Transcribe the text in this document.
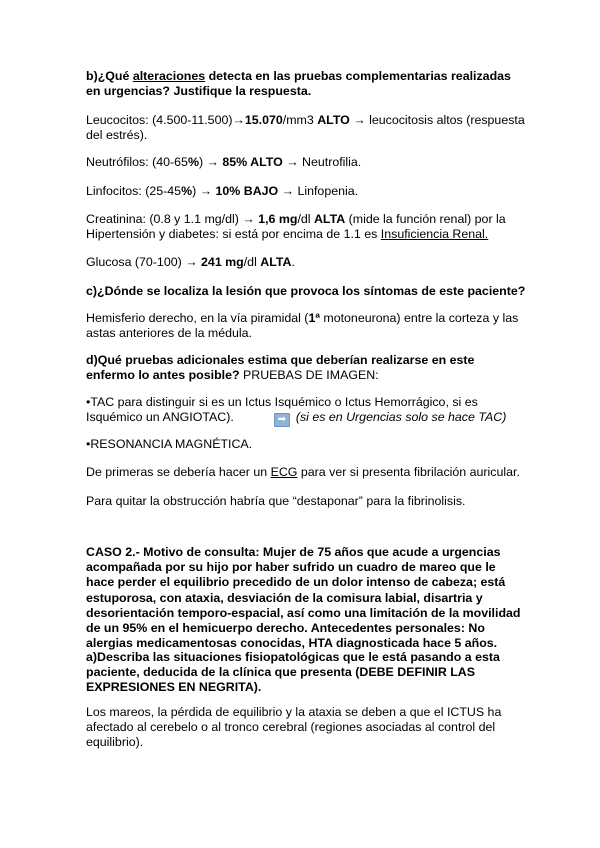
b)¿Qué alteraciones detecta en las pruebas complementarias realizadas en urgencias? Justifique la respuesta.

Leucocitos: (4.500-11.500)→15.070/mm3 ALTO → leucocitosis altos (respuesta del estrés).

Neutrófilos: (40-65%) → 85% ALTO → Neutrofilia.

Linfocitos: (25-45%) → 10% BAJO → Linfopenia.

Creatinina: (0.8 y 1.1 mg/dl) → 1,6 mg/dl ALTA (mide la función renal) por la Hipertensión y diabetes: si está por encima de 1.1 es Insuficiencia Renal.

Glucosa (70-100) → 241 mg/dl ALTA.

c)¿Dónde se localiza la lesión que provoca los síntomas de este paciente?

Hemisferio derecho, en la vía piramidal (1ª motoneurona) entre la corteza y las astas anteriores de la médula.

d)Qué pruebas adicionales estima que deberían realizarse en este enfermo lo antes posible? PRUEBAS DE IMAGEN:

•TAC para distinguir si es un Ictus Isquémico o Ictus Hemorrágico, si es Isquémico un ANGIOTAC).	➡ (si es en Urgencias solo se hace TAC)

•RESONANCIA MAGNÉTICA.

De primeras se debería hacer un ECG para ver si presenta fibrilación auricular.

Para quitar la obstrucción habría que “destaponar” para la fibrinolisis.

CASO 2.- Motivo de consulta: Mujer de 75 años que acude a urgencias acompañada por su hijo por haber sufrido un cuadro de mareo que le hace perder el equilibrio precedido de un dolor intenso de cabeza; está estuporosa, con ataxia, desviación de la comisura labial, disartria y desorientación temporo-espacial, así como una limitación de la movilidad de un 95% en el hemicuerpo derecho. Antecedentes personales: No alergias medicamentosas conocidas, HTA diagnosticada hace 5 años.

a)Describa las situaciones fisiopatológicas que le está pasando a esta paciente, deducida de la clínica que presenta (DEBE DEFINIR LAS EXPRESIONES EN NEGRITA).

Los mareos, la pérdida de equilibrio y la ataxia se deben a que el ICTUS ha afectado al cerebelo o al tronco cerebral (regiones asociadas al control del equilibrio).
